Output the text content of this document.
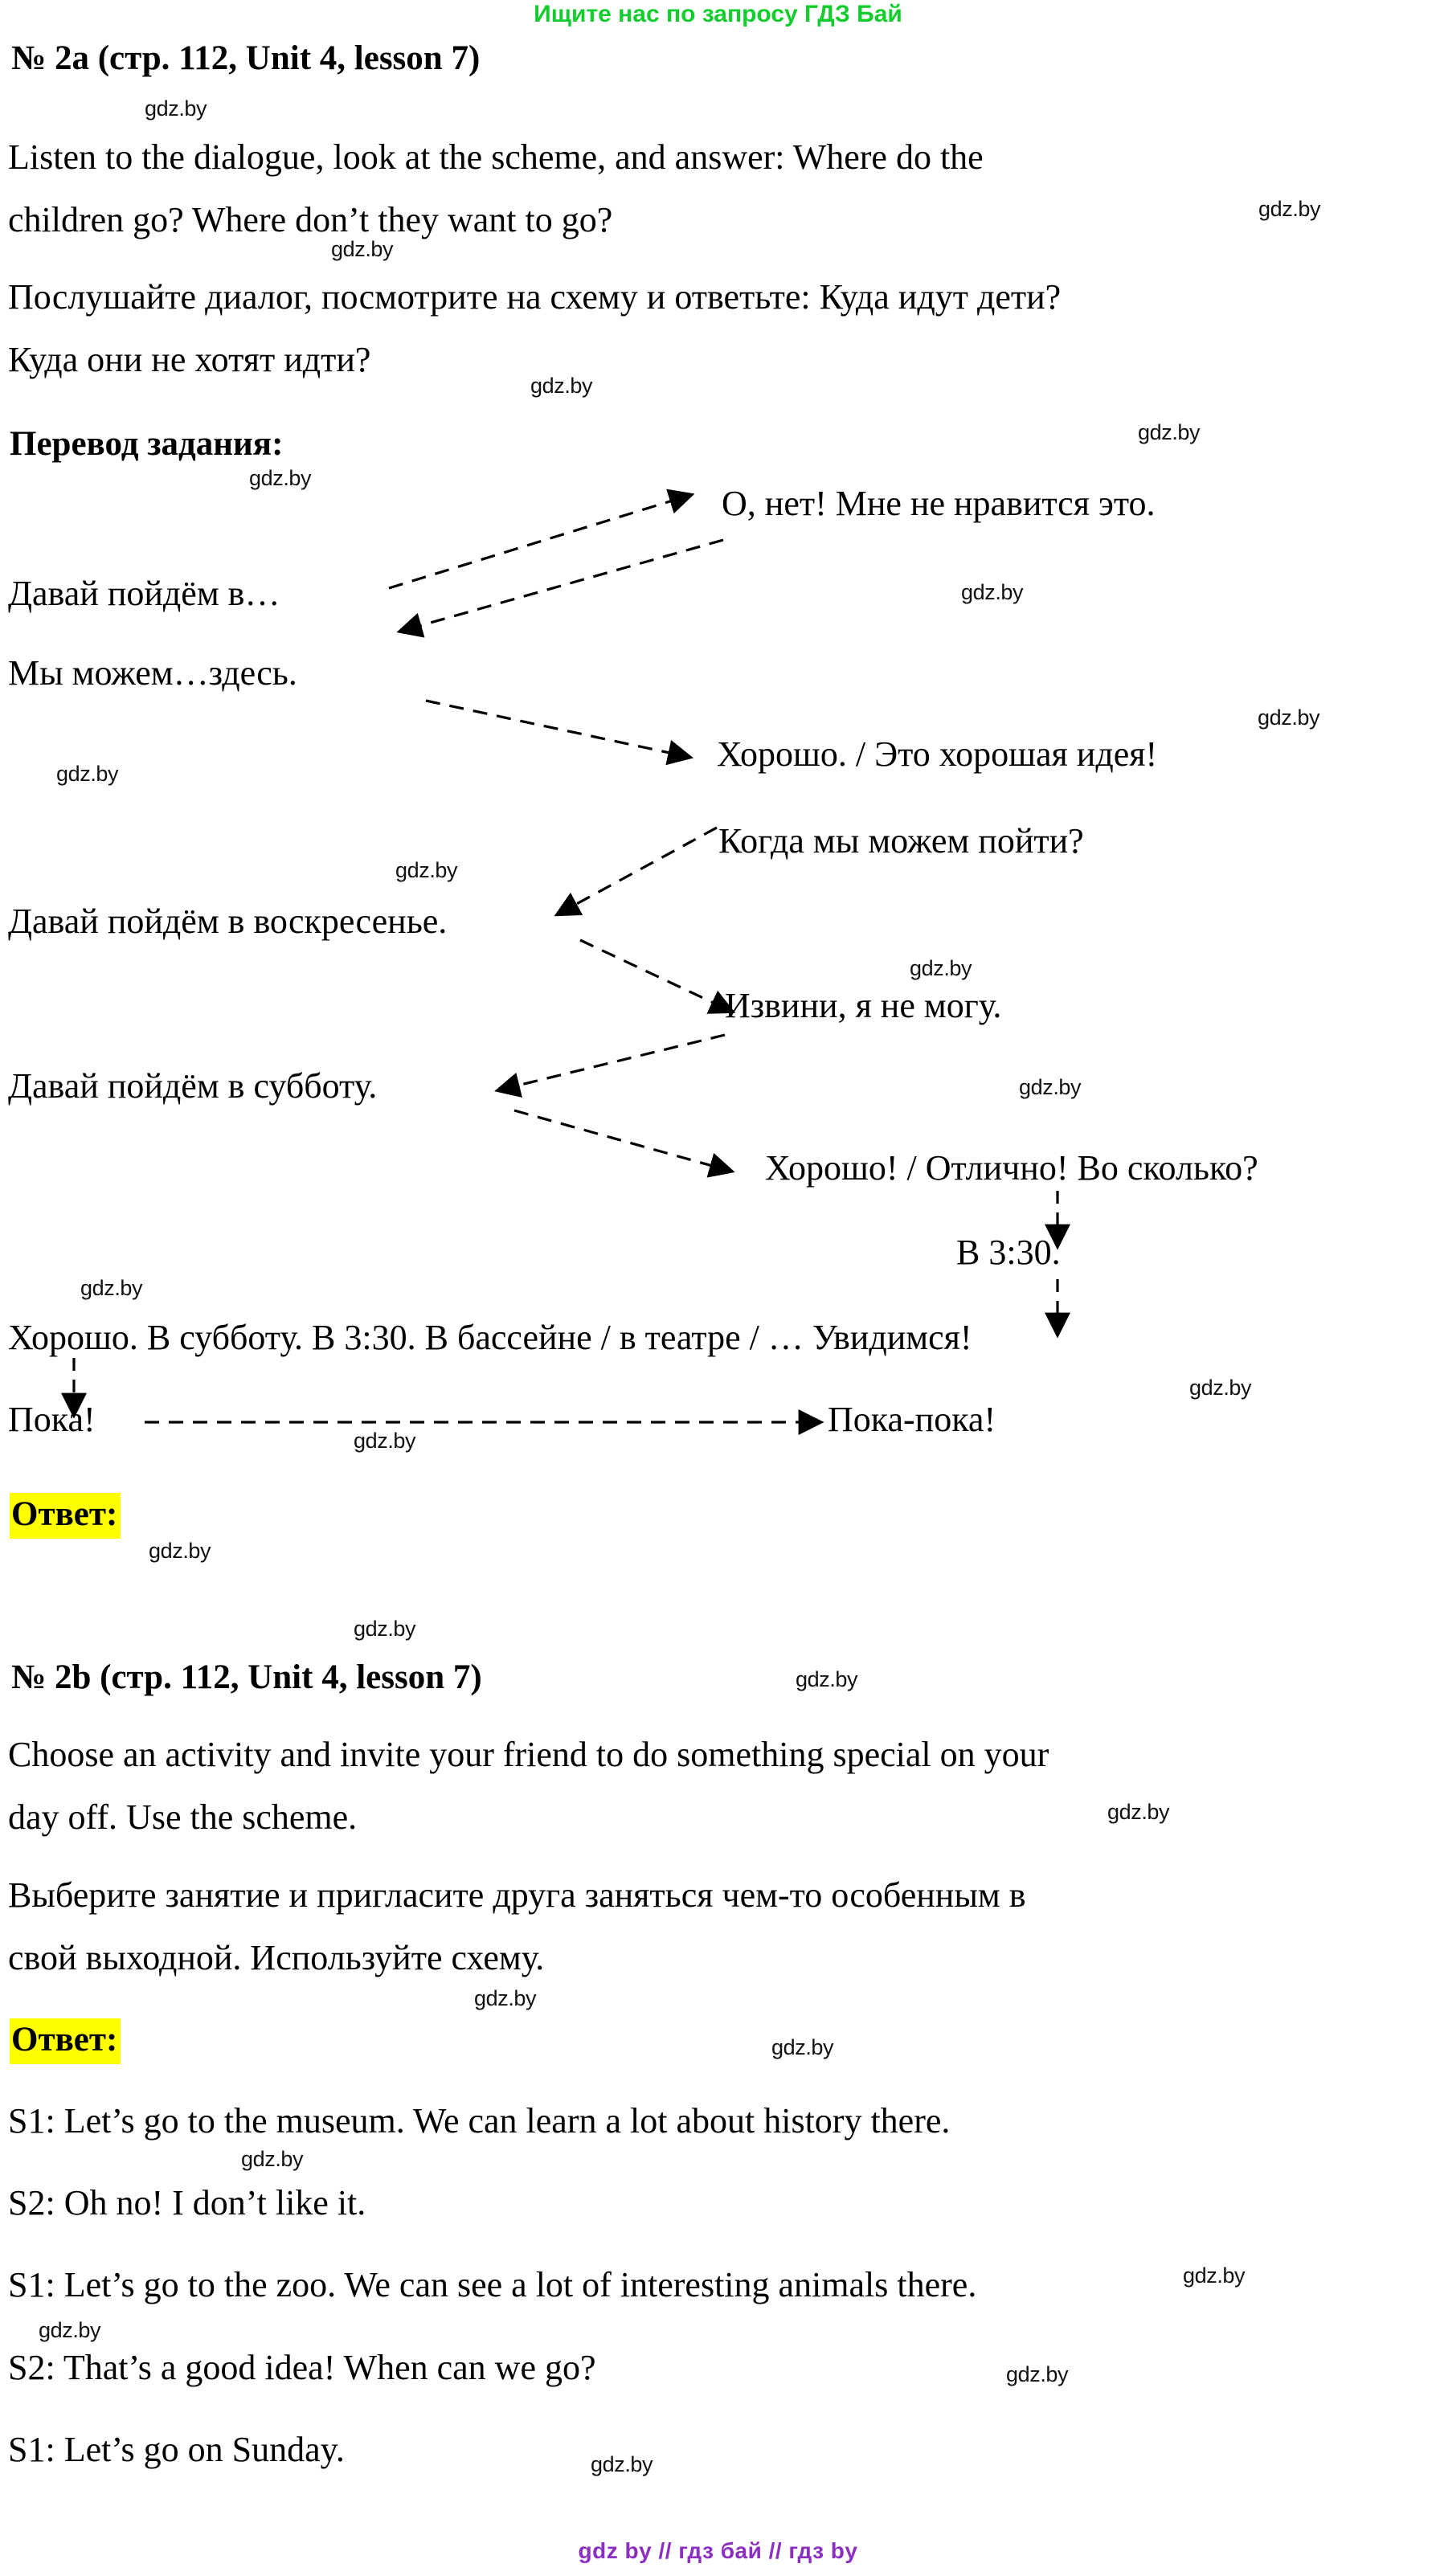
Ищите нас по запросу ГДЗ Бай
№ 2a (стр. 112, Unit 4, lesson 7)
Listen to the dialogue, look at the scheme, and answer: Where do the
children go? Where don’t they want to go?
Послушайте диалог, посмотрите на схему и ответьте: Куда идут дети?
Куда они не хотят идти?
Перевод задания:
Давай пойдём в…
О, нет! Мне не нравится это.
Мы можем…здесь.
Хорошо. / Это хорошая идея!
Когда мы можем пойти?
Давай пойдём в воскресенье.
Извини, я не могу.
Давай пойдём в субботу.
Хорошо! / Отлично! Во сколько?
В 3:30.
Хорошо. В субботу. В 3:30. В бассейне / в театре / … Увидимся!
Пока!	Пока-пока!
Ответ:
№ 2b (стр. 112, Unit 4, lesson 7)
Choose an activity and invite your friend to do something special on your
day off. Use the scheme.
Выберите занятие и пригласите друга заняться чем-то особенным в
свой выходной. Используйте схему.
Ответ:
S1: Let’s go to the museum. We can learn a lot about history there.
S2: Oh no! I don’t like it.
S1: Let’s go to the zoo. We can see a lot of interesting animals there.
S2: That’s a good idea! When can we go?
S1: Let’s go on Sunday.
gdz.by
gdz.by
gdz.by
gdz.by
gdz.by
gdz.by
gdz.by
gdz.by
gdz.by
gdz.by
gdz.by
gdz.by
gdz.by
gdz.by
gdz.by
gdz.by
gdz.by
gdz.by
gdz.by
gdz.by
gdz.by
gdz.by
gdz.by
gdz.by
gdz.by
gdz.by
gdz by // гдз бай // гдз by
